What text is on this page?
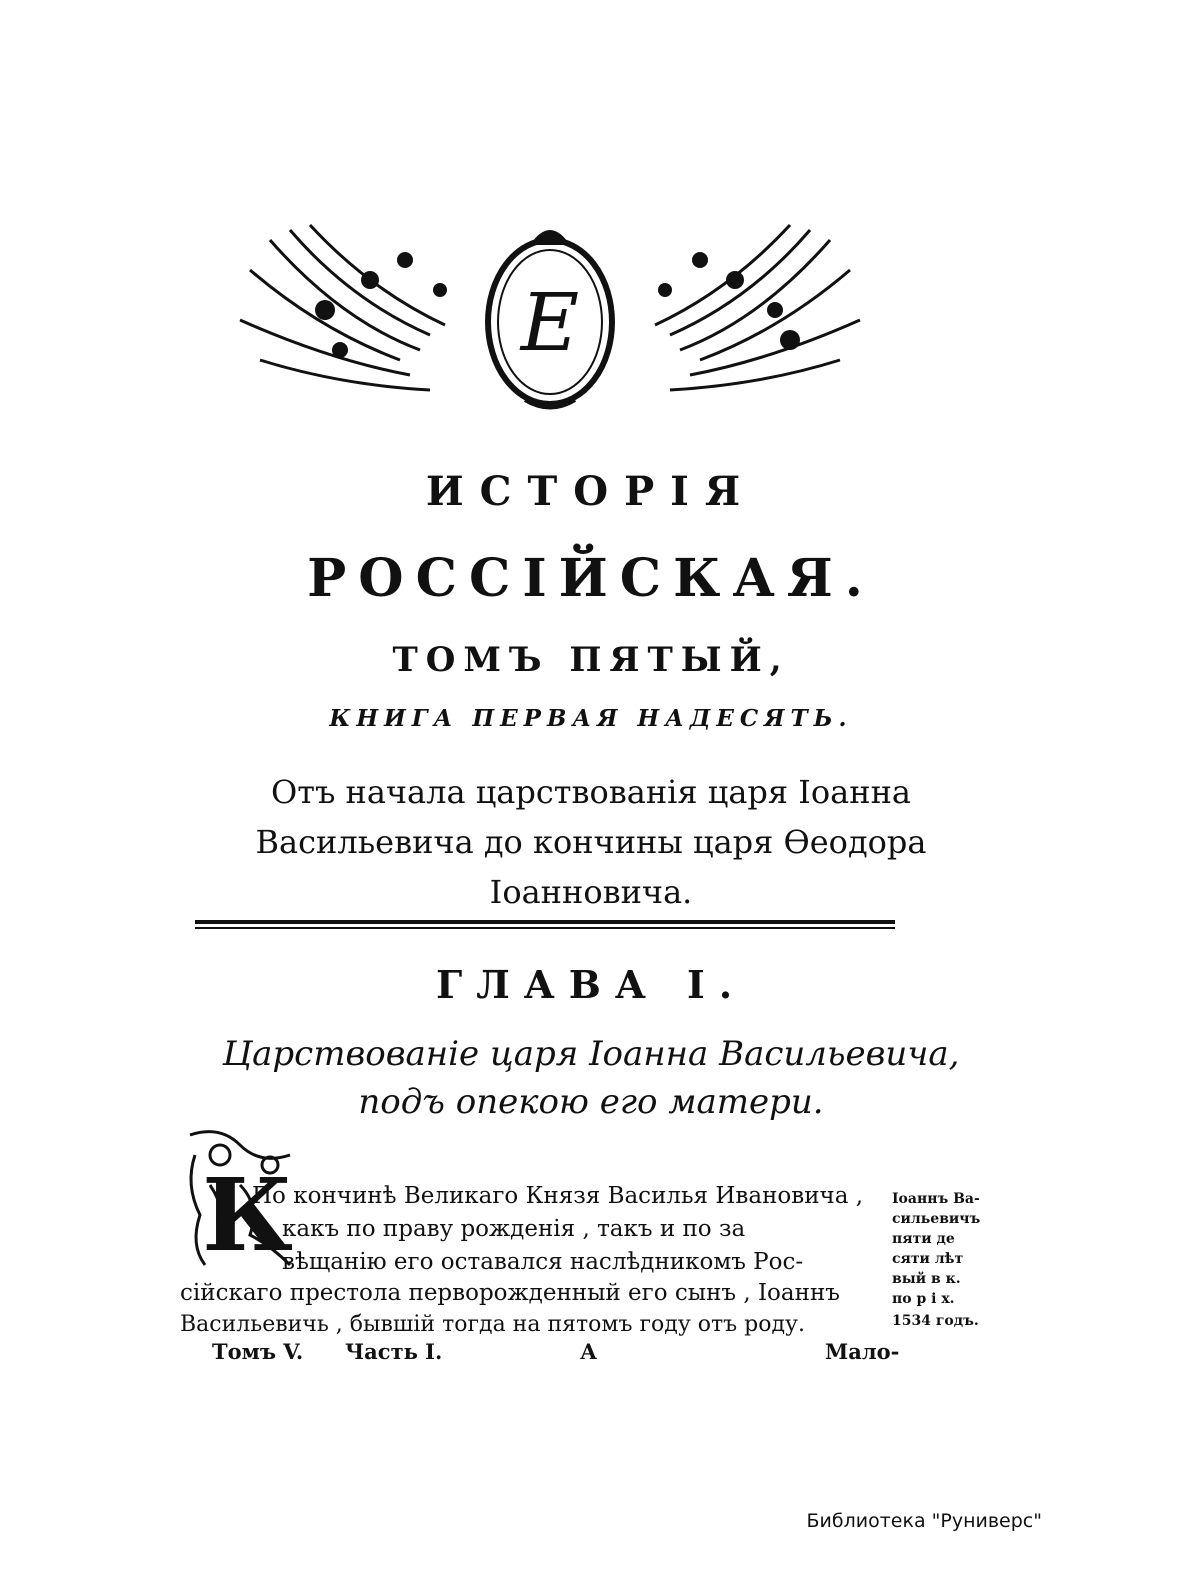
Е
ИСТОРІЯ
РОССІЙСКАЯ.
ТОМЪ ПЯТЫЙ,
КНИГА ПЕРВАЯ НАДЕСЯТЬ.
Отъ начала царствованія царя Іоанна
Васильевича до кончины царя Ѳеодора
Іоанновича.
ГЛАВА І.
Царствованіе царя Іоанна Васильевича,
подъ опекою его матери.
К
По кончинѣ Великаго Князя Василья Ивановича ,
какъ по праву рожденія , такъ и по за
вѣщанію его оставался наслѣдникомъ Рос-
сійскаго престола перворожденный его сынъ , Іоаннъ
Васильевичь , бывшій тогда на пятомъ году отъ роду.
Іоаннъ Ва-
сильевичъ
пяти де
сяти лѣт
вый в к.
по р і х.
1534 годъ.
Томъ V. Часть I.	А	Мало-
Библиотека "Руниверс"
